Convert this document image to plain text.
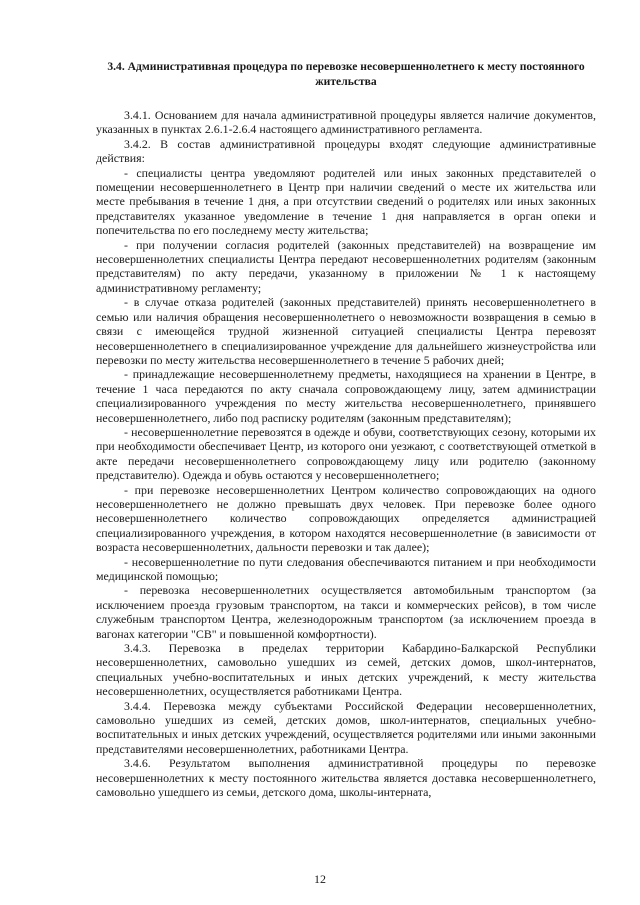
3.4. Административная процедура по перевозке несовершеннолетнего к месту постоянного жительства

3.4.1. Основанием для начала административной процедуры является наличие документов, указанных в пунктах 2.6.1-2.6.4 настоящего административного регламента.

3.4.2. В состав административной процедуры входят следующие административные действия:

- специалисты центра уведомляют родителей или иных законных представителей о помещении несовершеннолетнего в Центр при наличии сведений о месте их жительства или месте пребывания в течение 1 дня, а при отсутствии сведений о родителях или иных законных представителях указанное уведомление в течение 1 дня направляется в орган опеки и попечительства по его последнему месту жительства;

- при получении согласия родителей (законных представителей) на возвращение им несовершеннолетних специалисты Центра передают несовершеннолетних родителям (законным представителям) по акту передачи, указанному в приложении № 1 к настоящему административному регламенту;

- в случае отказа родителей (законных представителей) принять несовершеннолетнего в семью или наличия обращения несовершеннолетнего о невозможности возвращения в семью в связи с имеющейся трудной жизненной ситуацией специалисты Центра перевозят несовершеннолетнего в специализированное учреждение для дальнейшего жизнеустройства или перевозки по месту жительства несовершеннолетнего в течение 5 рабочих дней;

- принадлежащие несовершеннолетнему предметы, находящиеся на хранении в Центре, в течение 1 часа передаются по акту сначала сопровождающему лицу, затем администрации специализированного учреждения по месту жительства несовершеннолетнего, принявшего несовершеннолетнего, либо под расписку родителям (законным представителям);

- несовершеннолетние перевозятся в одежде и обуви, соответствующих сезону, которыми их при необходимости обеспечивает Центр, из которого они уезжают, с соответствующей отметкой в акте передачи несовершеннолетнего сопровождающему лицу или родителю (законному представителю). Одежда и обувь остаются у несовершеннолетнего;

- при перевозке несовершеннолетних Центром количество сопровождающих на одного несовершеннолетнего не должно превышать двух человек. При перевозке более одного несовершеннолетнего количество сопровождающих определяется администрацией специализированного учреждения, в котором находятся несовершеннолетние (в зависимости от возраста несовершеннолетних, дальности перевозки и так далее);

- несовершеннолетние по пути следования обеспечиваются питанием и при необходимости медицинской помощью;

- перевозка несовершеннолетних осуществляется автомобильным транспортом (за исключением проезда грузовым транспортом, на такси и коммерческих рейсов), в том числе служебным транспортом Центра, железнодорожным транспортом (за исключением проезда в вагонах категории "СВ" и повышенной комфортности).

3.4.3. Перевозка в пределах территории Кабардино-Балкарской Республики несовершеннолетних, самовольно ушедших из семей, детских домов, школ-интернатов, специальных учебно-воспитательных и иных детских учреждений, к месту жительства несовершеннолетних, осуществляется работниками Центра.

3.4.4. Перевозка между субъектами Российской Федерации несовершеннолетних, самовольно ушедших из семей, детских домов, школ-интернатов, специальных учебно-воспитательных и иных детских учреждений, осуществляется родителями или иными законными представителями несовершеннолетних, работниками Центра.

3.4.6. Результатом выполнения административной процедуры по перевозке несовершеннолетних к месту постоянного жительства является доставка несовершеннолетнего, самовольно ушедшего из семьи, детского дома, школы-интерната,

12
